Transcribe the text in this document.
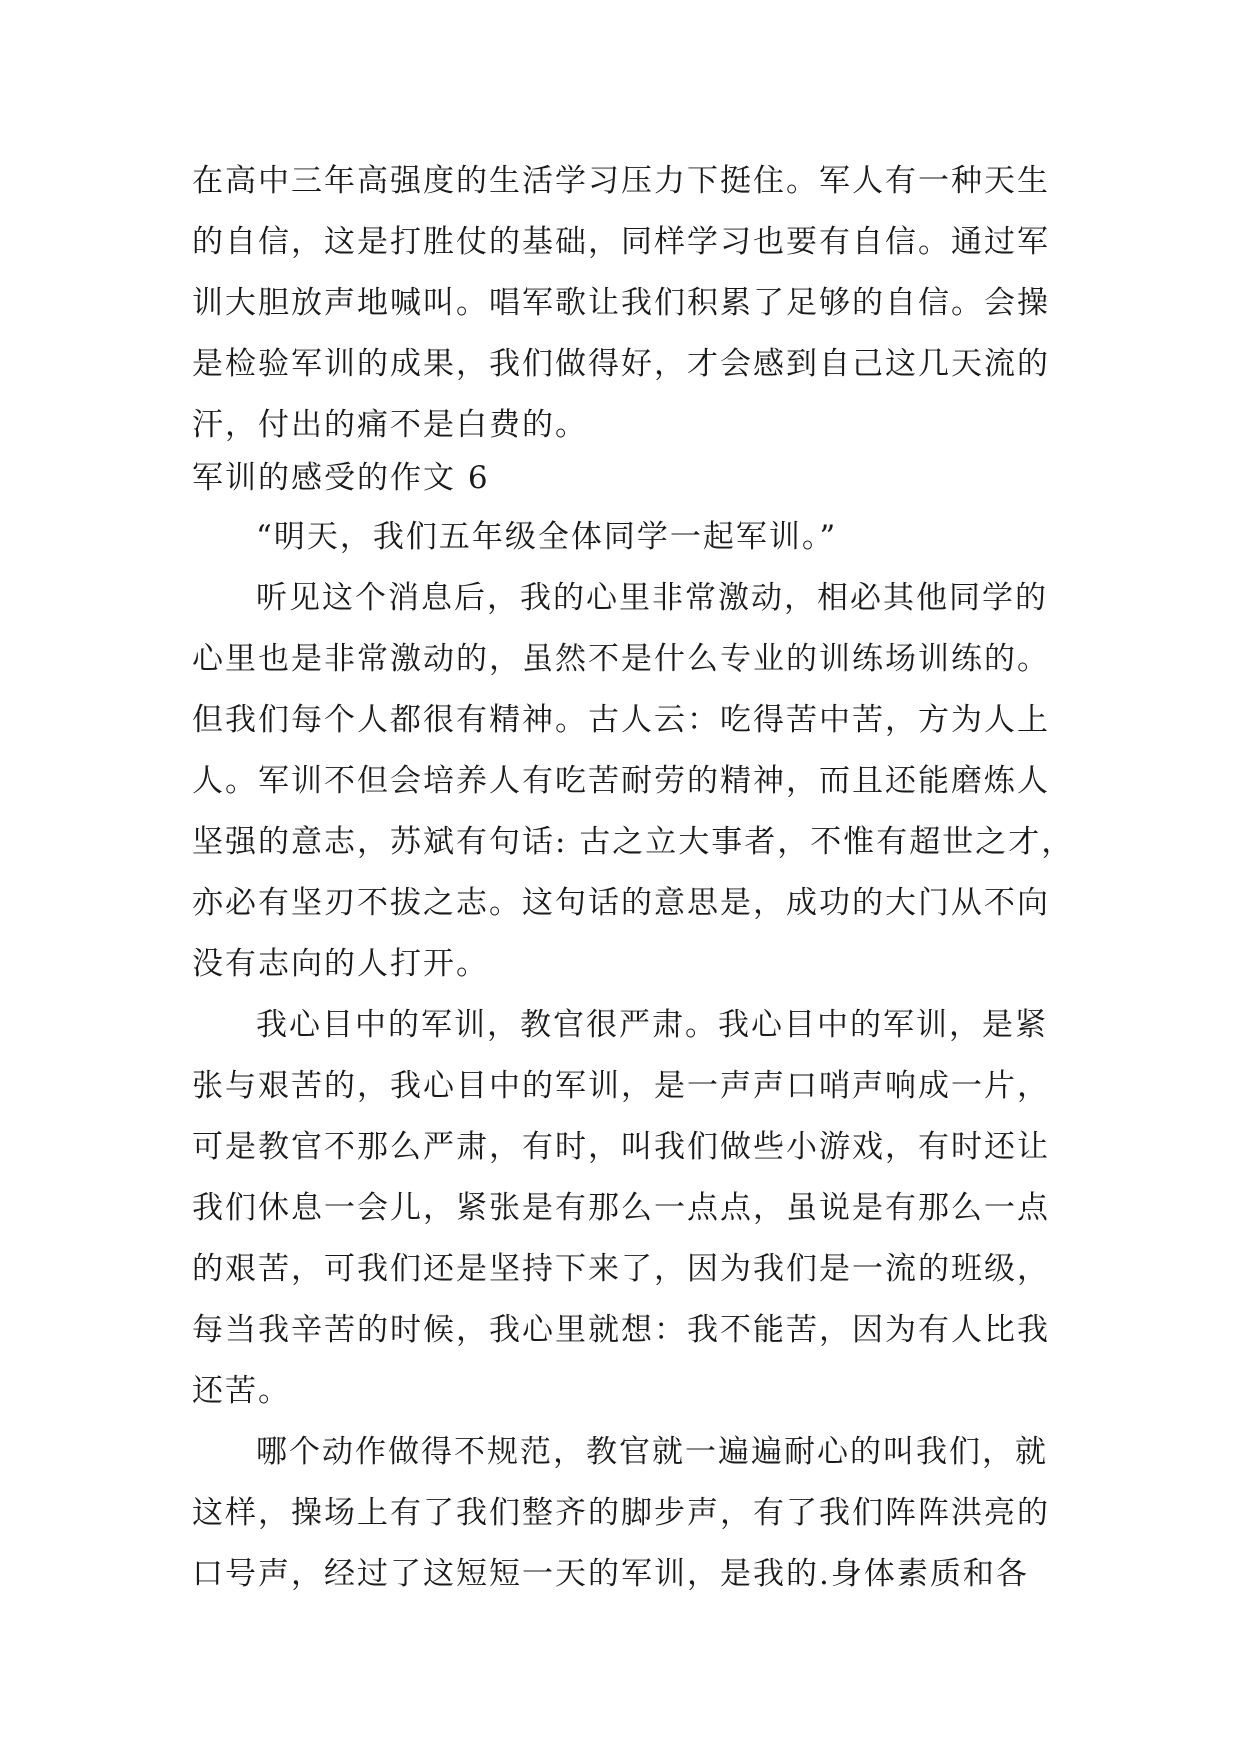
在高中三年高强度的生活学习压力下挺住。军人有一种天生
的自信，这是打胜仗的基础，同样学习也要有自信。通过军
训大胆放声地喊叫。唱军歌让我们积累了足够的自信。会操
是检验军训的成果，我们做得好，才会感到自己这几天流的
汗，付出的痛不是白费的。
军训的感受的作文 6
“明天，我们五年级全体同学一起军训。”
听见这个消息后，我的心里非常激动，相必其他同学的
心里也是非常激动的，虽然不是什么专业的训练场训练的。
但我们每个人都很有精神。古人云：吃得苦中苦，方为人上
人。军训不但会培养人有吃苦耐劳的精神，而且还能磨炼人
坚强的意志，苏斌有句话: 古之立大事者，不惟有超世之才，
亦必有坚刃不拔之志。这句话的意思是，成功的大门从不向
没有志向的人打开。
我心目中的军训，教官很严肃。我心目中的军训，是紧
张与艰苦的，我心目中的军训，是一声声口哨声响成一片，
可是教官不那么严肃，有时，叫我们做些小游戏，有时还让
我们休息一会儿，紧张是有那么一点点，虽说是有那么一点
的艰苦，可我们还是坚持下来了，因为我们是一流的班级，
每当我辛苦的时候，我心里就想：我不能苦，因为有人比我
还苦。
哪个动作做得不规范，教官就一遍遍耐心的叫我们，就
这样，操场上有了我们整齐的脚步声，有了我们阵阵洪亮的
口号声，经过了这短短一天的军训，是我的.身体素质和各
